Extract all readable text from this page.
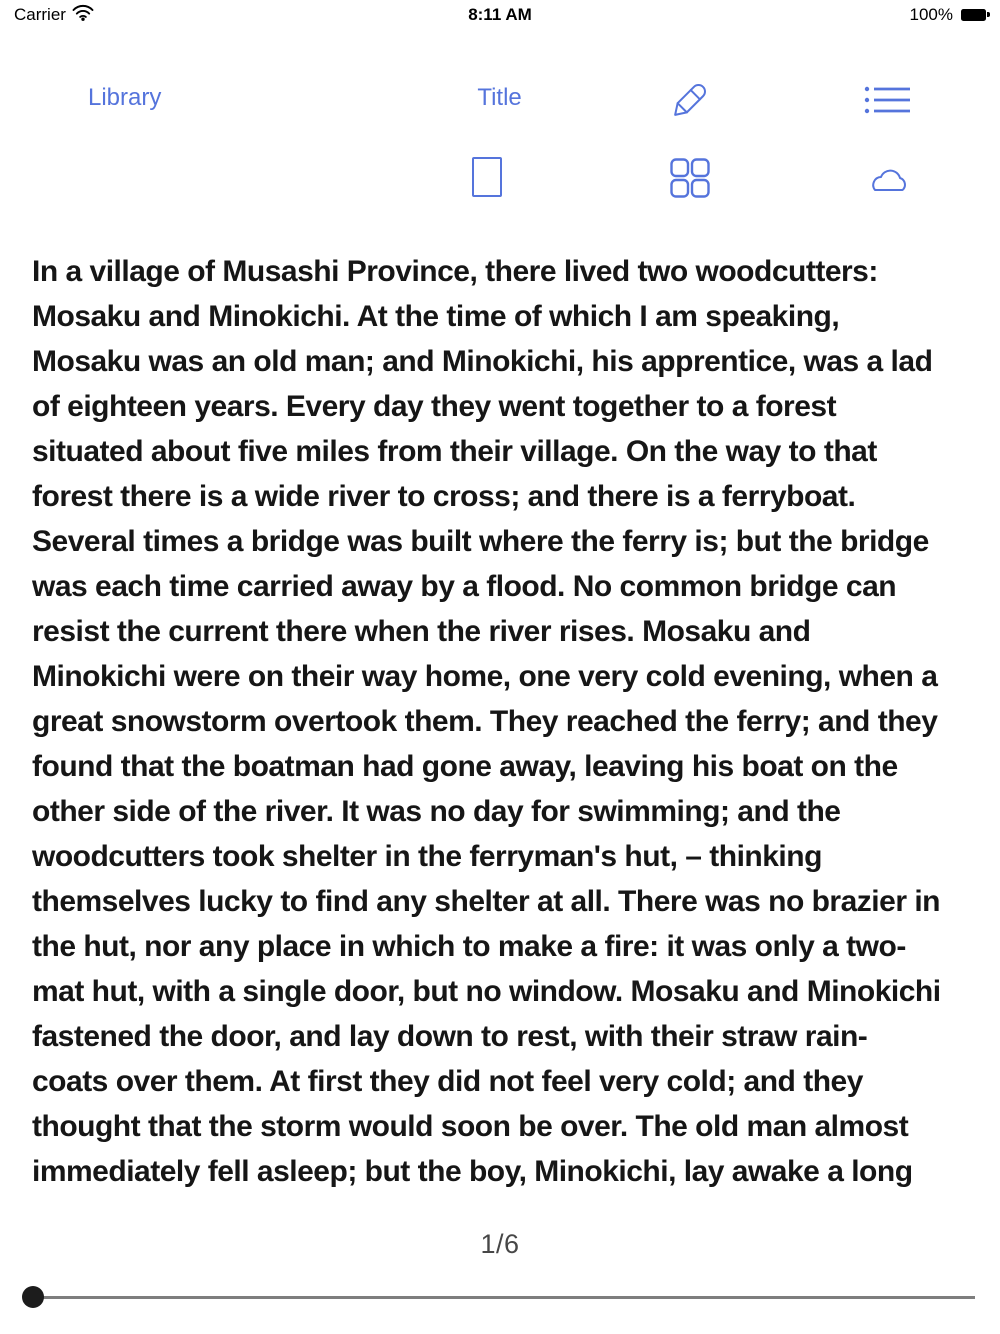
Carrier	8:11 AM	100%
Library	Title
In a village of Musashi Province, there lived two woodcutters:
Mosaku and Minokichi. At the time of which I am speaking,
Mosaku was an old man; and Minokichi, his apprentice, was a lad
of eighteen years. Every day they went together to a forest
situated about five miles from their village. On the way to that
forest there is a wide river to cross; and there is a ferryboat.
Several times a bridge was built where the ferry is; but the bridge
was each time carried away by a flood. No common bridge can
resist the current there when the river rises. Mosaku and
Minokichi were on their way home, one very cold evening, when a
great snowstorm overtook them. They reached the ferry; and they
found that the boatman had gone away, leaving his boat on the
other side of the river. It was no day for swimming; and the
woodcutters took shelter in the ferryman's hut, – thinking
themselves lucky to find any shelter at all. There was no brazier in
the hut, nor any place in which to make a fire: it was only a two-
mat hut, with a single door, but no window. Mosaku and Minokichi
fastened the door, and lay down to rest, with their straw rain-
coats over them. At first they did not feel very cold; and they
thought that the storm would soon be over. The old man almost
immediately fell asleep; but the boy, Minokichi, lay awake a long
1/6
